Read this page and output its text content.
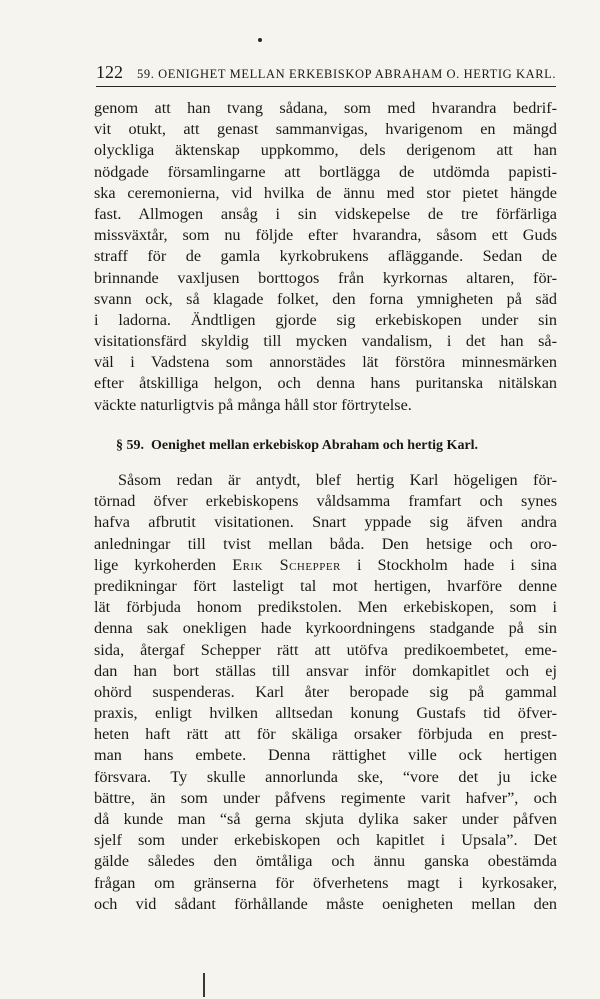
122 59. OENIGHET MELLAN ERKEBISKOP ABRAHAM O. HERTIG KARL.
genom att han tvang sådana, som med hvarandra bedrif-
vit otukt, att genast sammanvigas, hvarigenom en mängd
olyckliga äktenskap uppkommo, dels derigenom att han
nödgade församlingarne att bortlägga de utdömda papisti-
ska ceremonierna, vid hvilka de ännu med stor pietet hängde
fast. Allmogen ansåg i sin vidskepelse de tre förfärliga
missväxtår, som nu följde efter hvarandra, såsom ett Guds
straff för de gamla kyrkobrukens afläggande. Sedan de
brinnande vaxljusen borttogos från kyrkornas altaren, för-
svann ock, så klagade folket, den forna ymnigheten på säd
i ladorna. Ändtligen gjorde sig erkebiskopen under sin
visitationsfärd skyldig till mycken vandalism, i det han så-
väl i Vadstena som annorstädes lät förstöra minnesmärken
efter åtskilliga helgon, och denna hans puritanska nitälskan
väckte naturligtvis på många håll stor förtrytelse.
§ 59. Oenighet mellan erkebiskop Abraham och hertig Karl.
Såsom redan är antydt, blef hertig Karl högeligen för-
törnad öfver erkebiskopens våldsamma framfart och synes
hafva afbrutit visitationen. Snart yppade sig äfven andra
anledningar till tvist mellan båda. Den hetsige och oro-
lige kyrkoherden Erik Schepper i Stockholm hade i sina
predikningar fört lasteligt tal mot hertigen, hvarföre denne
lät förbjuda honom predikstolen. Men erkebiskopen, som i
denna sak onekligen hade kyrkoordningens stadgande på sin
sida, återgaf Schepper rätt att utöfva predikoembetet, eme-
dan han bort ställas till ansvar inför domkapitlet och ej
ohörd suspenderas. Karl åter beropade sig på gammal
praxis, enligt hvilken alltsedan konung Gustafs tid öfver-
heten haft rätt att för skäliga orsaker förbjuda en prest-
man hans embete. Denna rättighet ville ock hertigen
försvara. Ty skulle annorlunda ske, “vore det ju icke
bättre, än som under påfvens regimente varit hafver”, och
då kunde man “så gerna skjuta dylika saker under påfven
sjelf som under erkebiskopen och kapitlet i Upsala”. Det
gälde således den ömtåliga och ännu ganska obestämda
frågan om gränserna för öfverhetens magt i kyrkosaker,
och vid sådant förhållande måste oenigheten mellan den
